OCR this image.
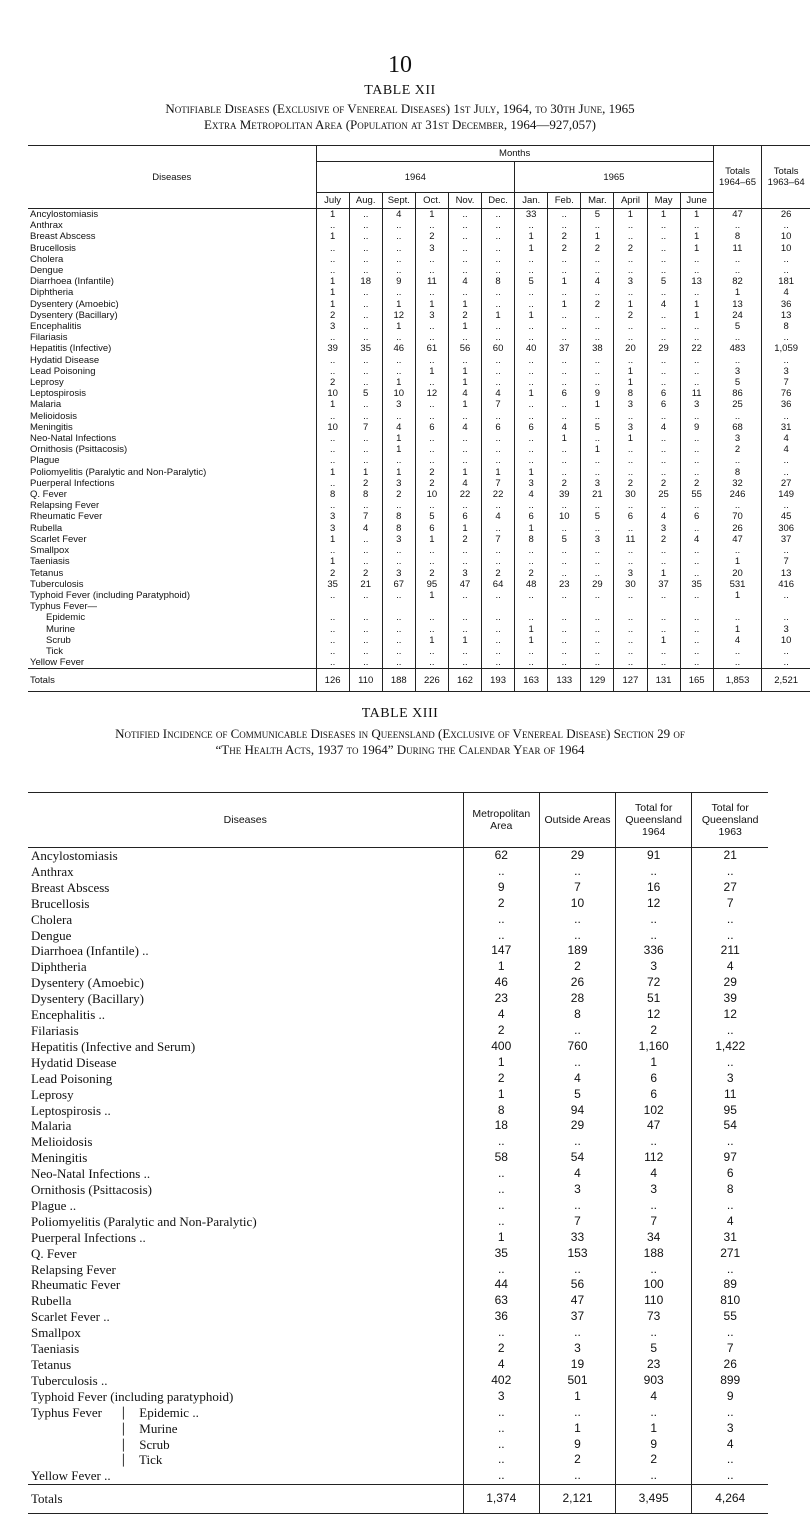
10
TABLE XII
Notifiable Diseases (Exclusive of Venereal Diseases) 1st July, 1964, to 30th June, 1965
Extra Metropolitan Area (Population at 31st December, 1964—927,057)
Diseases	Months												Totals 1964–65	Totals 1963–64
	1964						1965							
	July	Aug.	Sept.	Oct.	Nov.	Dec.	Jan.	Feb.	Mar.	April	May	June		
Ancylostomiasis	1	..	4	1	..	..	33	..	5	1	1	1	47	26
Anthrax	..	..	..	..	..	..	..	..	..	..	..	..	..	..
Breast Abscess	1	..	..	2	..	..	1	2	1	..	..	1	8	10
Brucellosis	..	..	..	3	..	..	1	2	2	2	..	1	11	10
Cholera	..	..	..	..	..	..	..	..	..	..	..	..	..	..
Dengue	..	..	..	..	..	..	..	..	..	..	..	..	..	..
Diarrhoea (Infantile)	1	18	9	11	4	8	5	1	4	3	5	13	82	181
Diphtheria	1	..	..	..	..	..	..	..	..	..	..	..	1	4
Dysentery (Amoebic)	1	..	1	1	1	..	..	1	2	1	4	1	13	36
Dysentery (Bacillary)	2	..	12	3	2	1	1	..	..	2	..	1	24	13
Encephalitis	3	..	1	..	1	..	..	..	..	..	..	..	5	8
Filariasis	..	..	..	..	..	..	..	..	..	..	..	..	..	..
Hepatitis (Infective)	39	35	46	61	56	60	40	37	38	20	29	22	483	1,059
Hydatid Disease	..	..	..	..	..	..	..	..	..	..	..	..	..	..
Lead Poisoning	..	..	..	1	1	..	..	..	..	1	..	..	3	3
Leprosy	2	..	1	..	1	..	..	..	..	1	..	..	5	7
Leptospirosis	10	5	10	12	4	4	1	6	9	8	6	11	86	76
Malaria	1	..	3	..	1	7	..	..	1	3	6	3	25	36
Melioidosis	..	..	..	..	..	..	..	..	..	..	..	..	..	..
Meningitis	10	7	4	6	4	6	6	4	5	3	4	9	68	31
Neo-Natal Infections	..	..	1	..	..	..	..	1	..	1	..	..	3	4
Ornithosis (Psittacosis)	..	..	1	..	..	..	..	..	1	..	..	..	2	4
Plague	..	..	..	..	..	..	..	..	..	..	..	..	..	..
Poliomyelitis (Paralytic and Non-Paralytic)	1	1	1	2	1	1	1	..	..	..	..	..	8	..
Puerperal Infections	..	2	3	2	4	7	3	2	3	2	2	2	32	27
Q. Fever	8	8	2	10	22	22	4	39	21	30	25	55	246	149
Relapsing Fever	..	..	..	..	..	..	..	..	..	..	..	..	..	..
Rheumatic Fever	3	7	8	5	6	4	6	10	5	6	4	6	70	45
Rubella	3	4	8	6	1	..	1	..	..	..	3	..	26	306
Scarlet Fever	1	..	3	1	2	7	8	5	3	11	2	4	47	37
Smallpox	..	..	..	..	..	..	..	..	..	..	..	..	..	..
Taeniasis	1	..	..	..	..	..	..	..	..	..	..	..	1	7
Tetanus	2	2	3	2	3	2	2	..	..	3	1	..	20	13
Tuberculosis	35	21	67	95	47	64	48	23	29	30	37	35	531	416
Typhoid Fever (including Paratyphoid)	..	..	..	1	..	..	..	..	..	..	..	..	1	..
Typhus Fever—														
Epidemic	..	..	..	..	..	..	..	..	..	..	..	..	..	..
Murine	..	..	..	..	..	..	1	..	..	..	..	..	1	3
Scrub	..	..	..	1	1	..	1	..	..	..	1	..	4	10
Tick	..	..	..	..	..	..	..	..	..	..	..	..	..	..
Yellow Fever	..	..	..	..	..	..	..	..	..	..	..	..	..	..
Totals	126	110	188	226	162	193	163	133	129	127	131	165	1,853	2,521
TABLE XIII
Notified Incidence of Communicable Diseases in Queensland (Exclusive of Venereal Disease) Section 29 of
“The Health Acts, 1937 to 1964” During the Calendar Year of 1964
Diseases	Metropolitan Area	Outside Areas	Total for Queensland 1964	Total for Queensland 1963
Ancylostomiasis	62	29	91	21
Anthrax	..	..	..	..
Breast Abscess	9	7	16	27
Brucellosis	2	10	12	7
Cholera	..	..	..	..
Dengue	..	..	..	..
Diarrhoea (Infantile) ..	147	189	336	211
Diphtheria	1	2	3	4
Dysentery (Amoebic)	46	26	72	29
Dysentery (Bacillary)	23	28	51	39
Encephalitis ..	4	8	12	12
Filariasis	2	..	2	..
Hepatitis (Infective and Serum)	400	760	1,160	1,422
Hydatid Disease	1	..	1	..
Lead Poisoning	2	4	6	3
Leprosy	1	5	6	11
Leptospirosis ..	8	94	102	95
Malaria	18	29	47	54
Melioidosis	..	..	..	..
Meningitis	58	54	112	97
Neo-Natal Infections ..	..	4	4	6
Ornithosis (Psittacosis)	..	3	3	8
Plague ..	..	..	..	..
Poliomyelitis (Paralytic and Non-Paralytic)	..	7	7	4
Puerperal Infections ..	1	33	34	31
Q. Fever	35	153	188	271
Relapsing Fever	..	..	..	..
Rheumatic Fever	44	56	100	89
Rubella	63	47	110	810
Scarlet Fever ..	36	37	73	55
Smallpox	..	..	..	..
Taeniasis	2	3	5	7
Tetanus	4	19	23	26
Tuberculosis ..	402	501	903	899
Typhoid Fever (including paratyphoid)	3	1	4	9
Typhus Fever ⎸ Epidemic ..	..	..	..	..
⎸ Murine	..	1	1	3
⎸ Scrub	..	9	9	4
⎸ Tick	..	2	2	..
Yellow Fever ..	..	..	..	..
Totals	1,374	2,121	3,495	4,264
